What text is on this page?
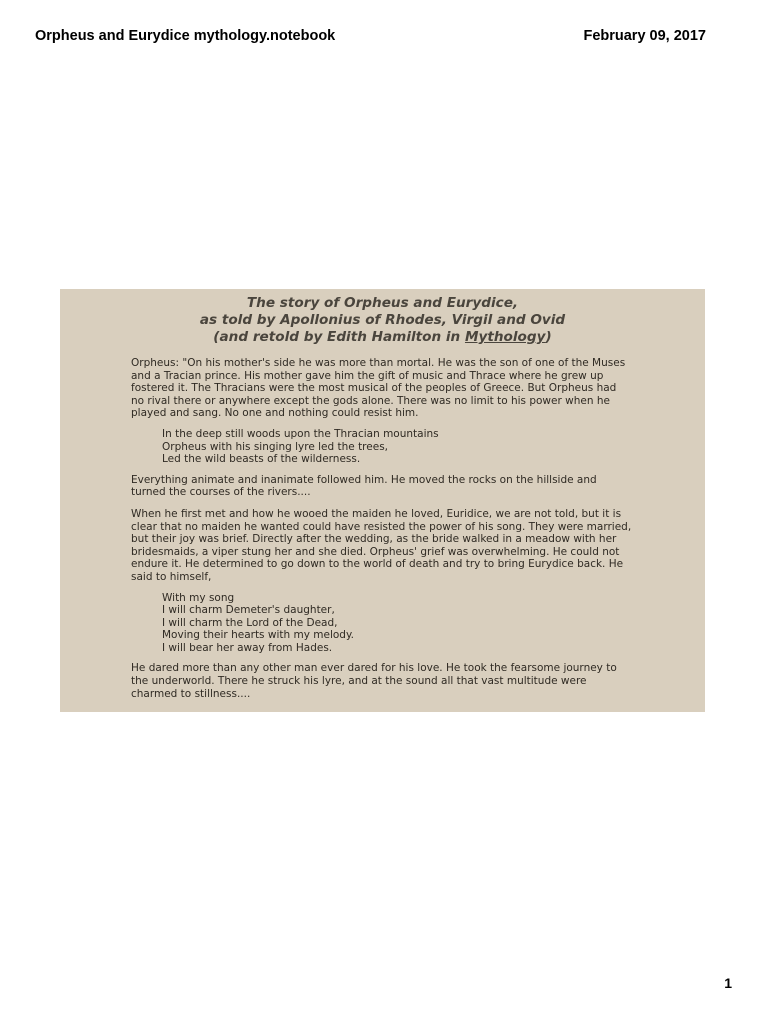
Orpheus and Eurydice mythology.notebook	February 09, 2017
The story of Orpheus and Eurydice,
as told by Apollonius of Rhodes, Virgil and Ovid
(and retold by Edith Hamilton in Mythology)

Orpheus: "On his mother's side he was more than mortal. He was the son of one of the Muses
and a Tracian prince. His mother gave him the gift of music and Thrace where he grew up
fostered it. The Thracians were the most musical of the peoples of Greece. But Orpheus had
no rival there or anywhere except the gods alone. There was no limit to his power when he
played and sang. No one and nothing could resist him.

In the deep still woods upon the Thracian mountains
Orpheus with his singing lyre led the trees,
Led the wild beasts of the wilderness.

Everything animate and inanimate followed him. He moved the rocks on the hillside and
turned the courses of the rivers....

When he first met and how he wooed the maiden he loved, Euridice, we are not told, but it is
clear that no maiden he wanted could have resisted the power of his song. They were married,
but their joy was brief. Directly after the wedding, as the bride walked in a meadow with her
bridesmaids, a viper stung her and she died. Orpheus' grief was overwhelming. He could not
endure it. He determined to go down to the world of death and try to bring Eurydice back. He
said to himself,

With my song
I will charm Demeter's daughter,
I will charm the Lord of the Dead,
Moving their hearts with my melody.
I will bear her away from Hades.

He dared more than any other man ever dared for his love. He took the fearsome journey to
the underworld. There he struck his lyre, and at the sound all that vast multitude were
charmed to stillness....

1
